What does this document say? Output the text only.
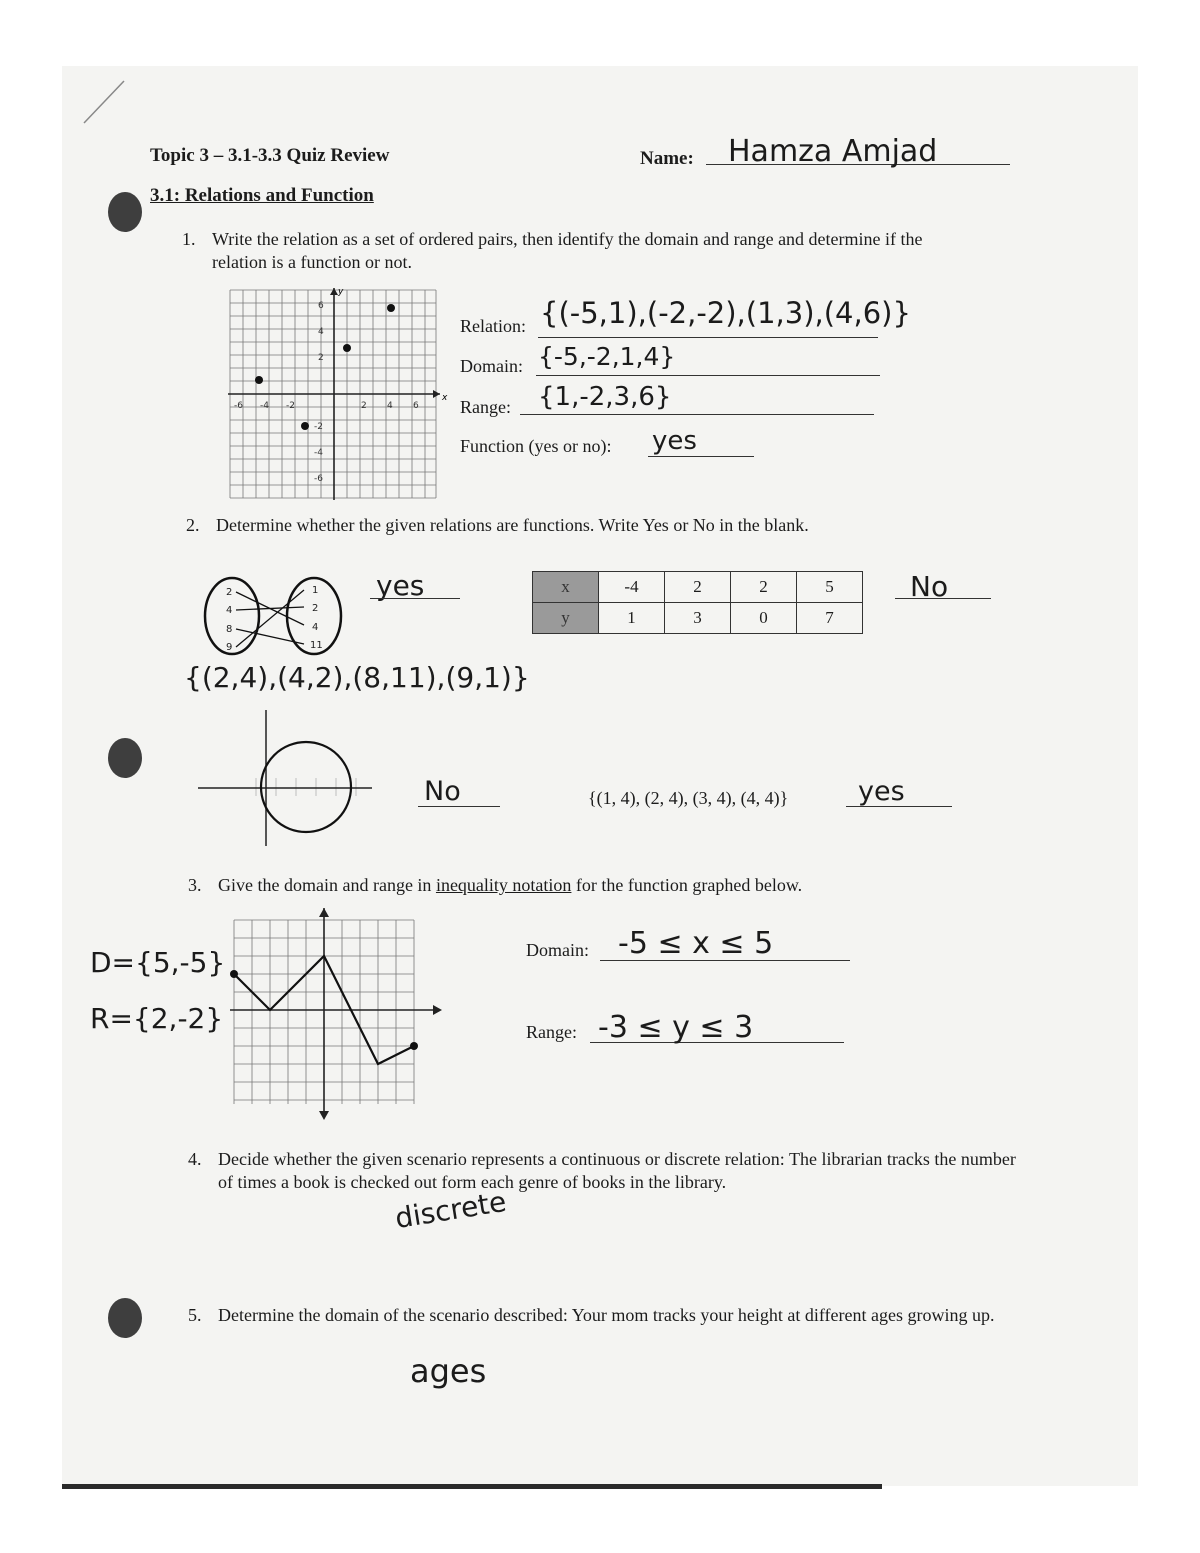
Topic 3 – 3.1-3.3 Quiz Review	Name: Hamza Amjad
3.1: Relations and Function
1. Write the relation as a set of ordered pairs, then identify the domain and range and determine if the relation is a function or not.
x
y
-6 -4 -2	2 4 6
6
4
2
-2
-4
-6
Relation: {(-5,1),(-2,-2),(1,3),(4,6)}
Domain: {-5,-2,1,4}
Range: {1,-2,3,6}
Function (yes or no): yes
2. Determine whether the given relations are functions. Write Yes or No in the blank.
2
4
8
9
1
2
4
11
yes
{(2,4),(4,2),(8,11),(9,1)}
x	-4	2	2	5
y	1	3	0	7
No
No	{(1, 4), (2, 4), (3, 4), (4, 4)}	yes
3. Give the domain and range in inequality notation for the function graphed below.
D={5,-5}
R={2,-2}
Domain: -5 ≤ x ≤ 5
Range: -3 ≤ y ≤ 3
4. Decide whether the given scenario represents a continuous or discrete relation: The librarian tracks the number of times a book is checked out form each genre of books in the library.
discrete
5. Determine the domain of the scenario described: Your mom tracks your height at different ages growing up.
ages
